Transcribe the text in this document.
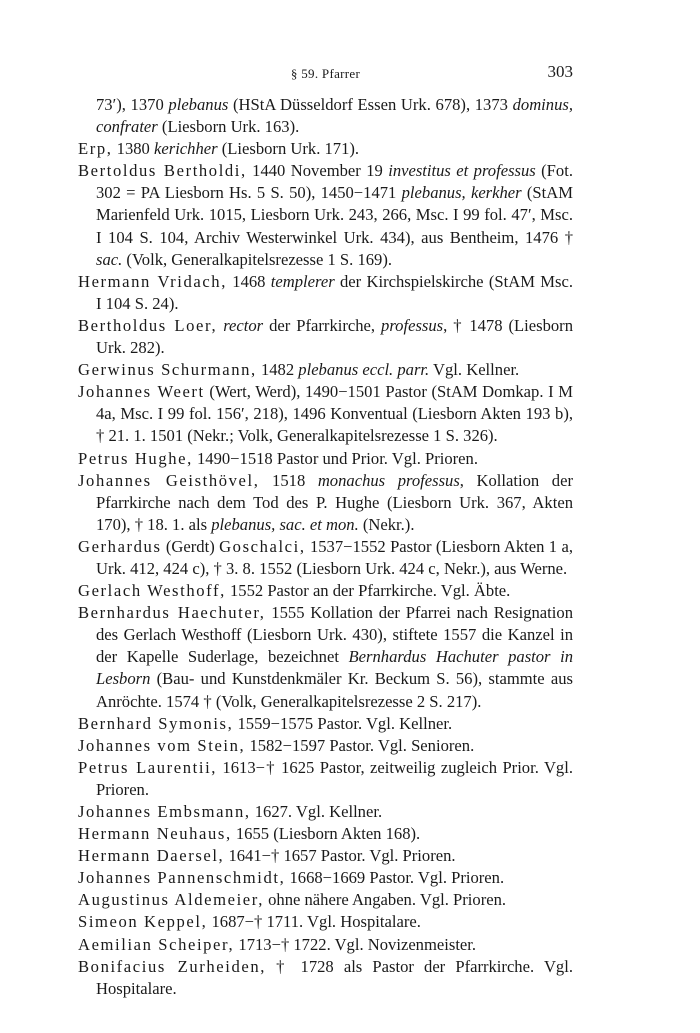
§ 59. Pfarrer	303

73′), 1370 plebanus (HStA Düsseldorf Essen Urk. 678), 1373 dominus, confrater (Liesborn Urk. 163).

Erp, 1380 kerichher (Liesborn Urk. 171).

Bertoldus Bertholdi, 1440 November 19 investitus et professus (Fot. 302 = PA Liesborn Hs. 5 S. 50), 1450−1471 plebanus, kerkher (StAM Marienfeld Urk. 1015, Liesborn Urk. 243, 266, Msc. I 99 fol. 47′, Msc. I 104 S. 104, Archiv Westerwinkel Urk. 434), aus Bentheim, 1476 † sac. (Volk, Generalkapitelsrezesse 1 S. 169).

Hermann Vridach, 1468 templerer der Kirchspielskirche (StAM Msc. I 104 S. 24).

Bertholdus Loer, rector der Pfarrkirche, professus, † 1478 (Liesborn Urk. 282).

Gerwinus Schurmann, 1482 plebanus eccl. parr. Vgl. Kellner.

Johannes Weert (Wert, Werd), 1490−1501 Pastor (StAM Domkap. I M 4a, Msc. I 99 fol. 156′, 218), 1496 Konventual (Liesborn Akten 193 b), † 21. 1. 1501 (Nekr.; Volk, Generalkapitelsrezesse 1 S. 326).

Petrus Hughe, 1490−1518 Pastor und Prior. Vgl. Prioren.

Johannes Geisthövel, 1518 monachus professus, Kollation der Pfarrkirche nach dem Tod des P. Hughe (Liesborn Urk. 367, Akten 170), † 18. 1. als plebanus, sac. et mon. (Nekr.).

Gerhardus (Gerdt) Goschalci, 1537−1552 Pastor (Liesborn Akten 1 a, Urk. 412, 424 c), † 3. 8. 1552 (Liesborn Urk. 424 c, Nekr.), aus Werne.

Gerlach Westhoff, 1552 Pastor an der Pfarrkirche. Vgl. Äbte.

Bernhardus Haechuter, 1555 Kollation der Pfarrei nach Resignation des Gerlach Westhoff (Liesborn Urk. 430), stiftete 1557 die Kanzel in der Kapelle Suderlage, bezeichnet Bernhardus Hachuter pastor in Lesborn (Bau- und Kunstdenkmäler Kr. Beckum S. 56), stammte aus Anröchte. 1574 † (Volk, Generalkapitelsrezesse 2 S. 217).

Bernhard Symonis, 1559−1575 Pastor. Vgl. Kellner.

Johannes vom Stein, 1582−1597 Pastor. Vgl. Senioren.

Petrus Laurentii, 1613−† 1625 Pastor, zeitweilig zugleich Prior. Vgl. Prioren.

Johannes Embsmann, 1627. Vgl. Kellner.

Hermann Neuhaus, 1655 (Liesborn Akten 168).

Hermann Daersel, 1641−† 1657 Pastor. Vgl. Prioren.

Johannes Pannenschmidt, 1668−1669 Pastor. Vgl. Prioren.

Augustinus Aldemeier, ohne nähere Angaben. Vgl. Prioren.

Simeon Keppel, 1687−† 1711. Vgl. Hospitalare.

Aemilian Scheiper, 1713−† 1722. Vgl. Novizenmeister.

Bonifacius Zurheiden, † 1728 als Pastor der Pfarrkirche. Vgl. Hospitalare.
